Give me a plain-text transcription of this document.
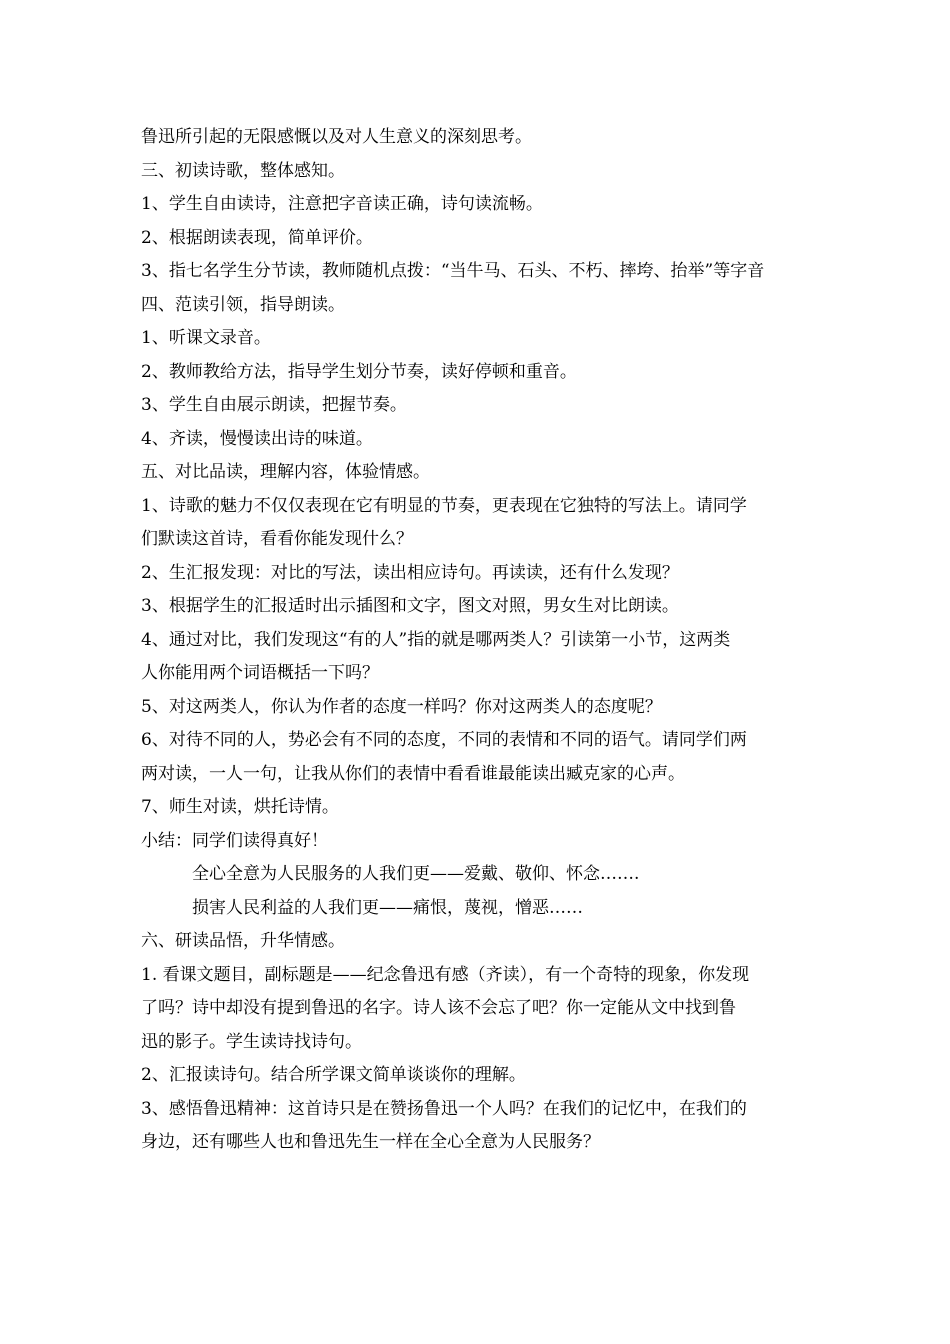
鲁迅所引起的无限感慨以及对人生意义的深刻思考。
三、初读诗歌，整体感知。
1、学生自由读诗，注意把字音读正确，诗句读流畅。
2、根据朗读表现，简单评价。
3、指七名学生分节读，教师随机点拨：“当牛马、石头、不朽、摔垮、抬举”等字音
四、范读引领，指导朗读。
1、听课文录音。
2、教师教给方法，指导学生划分节奏，读好停顿和重音。
3、学生自由展示朗读，把握节奏。
4、齐读，慢慢读出诗的味道。
五、对比品读，理解内容，体验情感。
1、诗歌的魅力不仅仅表现在它有明显的节奏，更表现在它独特的写法上。请同学
们默读这首诗，看看你能发现什么？
2、生汇报发现：对比的写法，读出相应诗句。再读读，还有什么发现？
3、根据学生的汇报适时出示插图和文字，图文对照，男女生对比朗读。
4、通过对比，我们发现这“有的人”指的就是哪两类人？引读第一小节，这两类
人你能用两个词语概括一下吗？
5、对这两类人，你认为作者的态度一样吗？你对这两类人的态度呢？
6、对待不同的人，势必会有不同的态度，不同的表情和不同的语气。请同学们两
两对读，一人一句，让我从你们的表情中看看谁最能读出臧克家的心声。
7、师生对读，烘托诗情。
小结：同学们读得真好！
全心全意为人民服务的人我们更——爱戴、敬仰、怀念…….
损害人民利益的人我们更——痛恨，蔑视，憎恶……
六、研读品悟，升华情感。
1. 看课文题目，副标题是——纪念鲁迅有感（齐读），有一个奇特的现象，你发现
了吗？诗中却没有提到鲁迅的名字。诗人该不会忘了吧？你一定能从文中找到鲁
迅的影子。学生读诗找诗句。
2、汇报读诗句。结合所学课文简单谈谈你的理解。
3、感悟鲁迅精神：这首诗只是在赞扬鲁迅一个人吗？在我们的记忆中，在我们的
身边，还有哪些人也和鲁迅先生一样在全心全意为人民服务？
